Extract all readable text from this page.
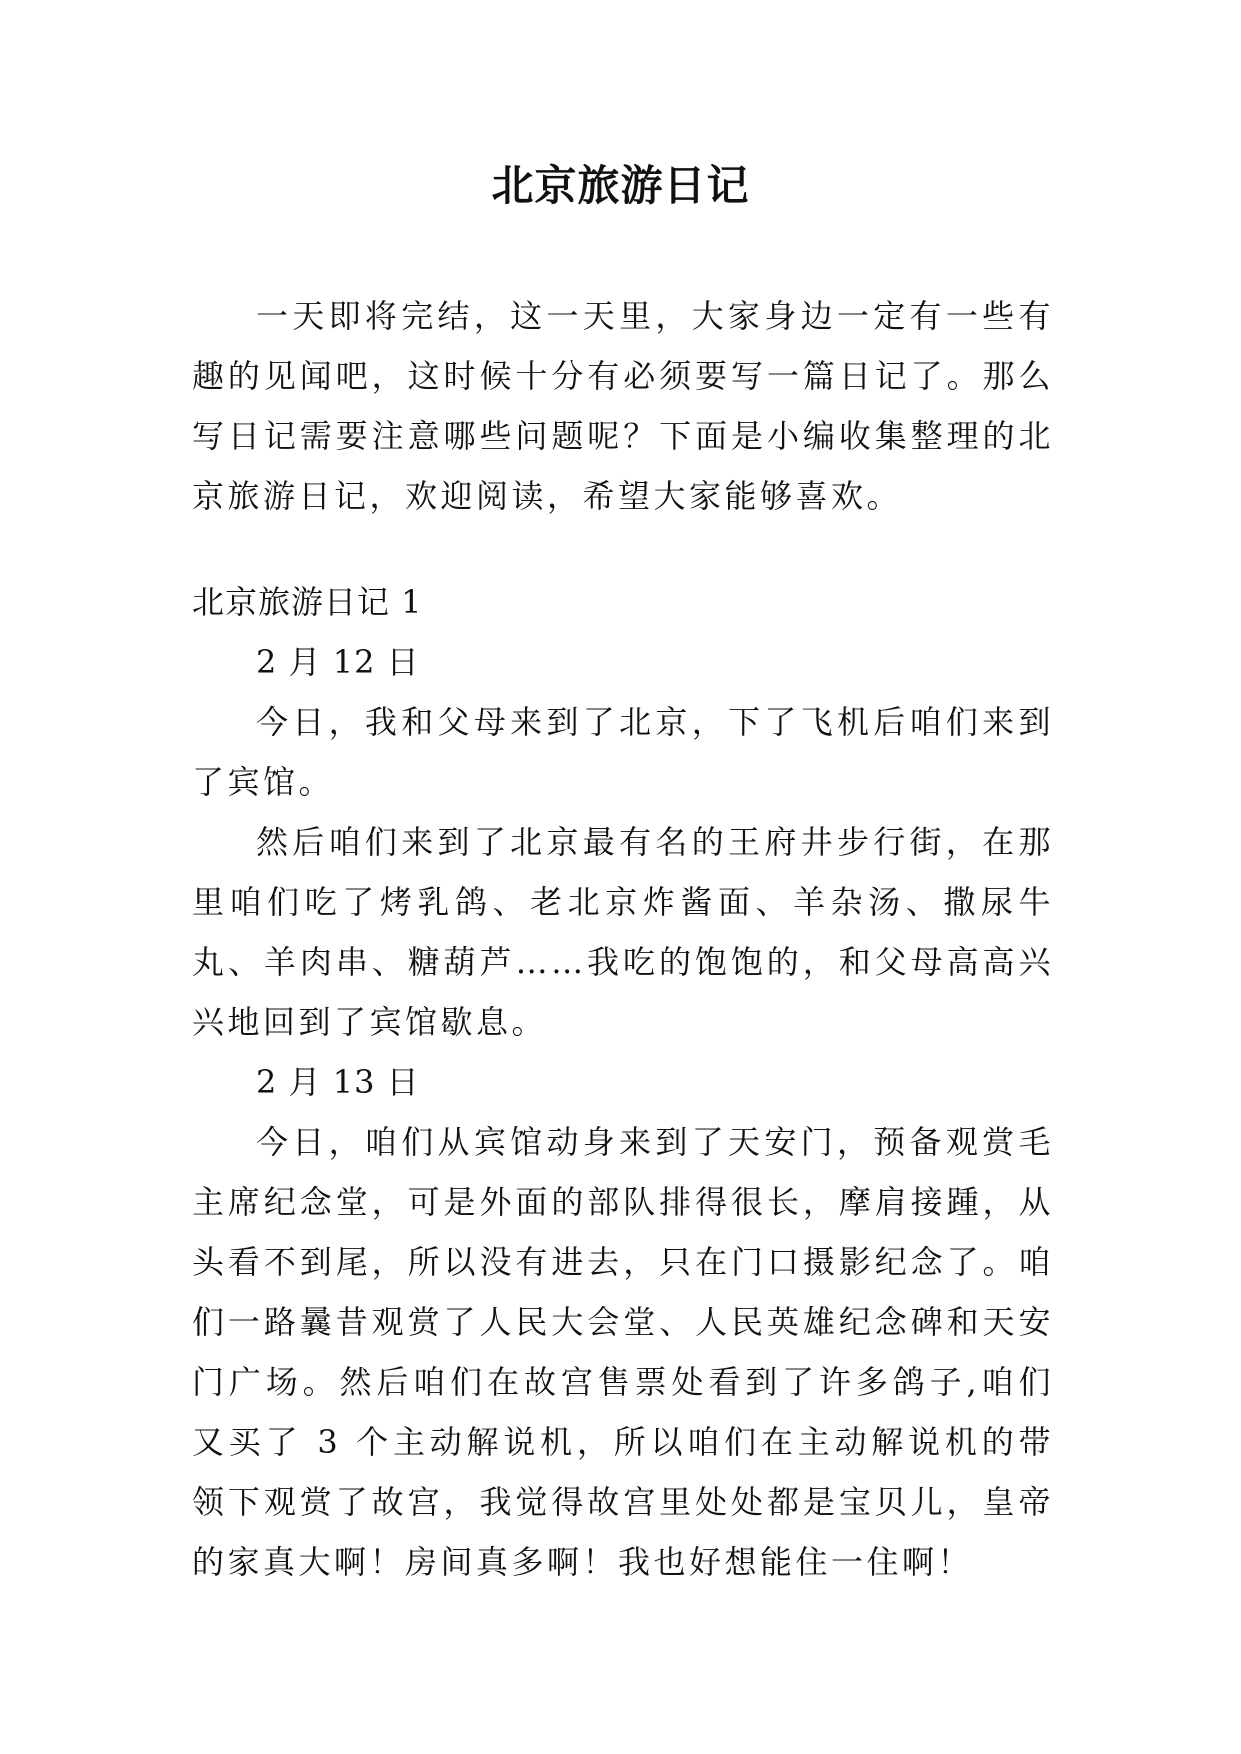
北京旅游日记

一天即将完结，这一天里，大家身边一定有一些有趣的见闻吧，这时候十分有必须要写一篇日记了。那么写日记需要注意哪些问题呢？下面是小编收集整理的北京旅游日记，欢迎阅读，希望大家能够喜欢。

北京旅游日记 1

2 月 12 日

今日，我和父母来到了北京，下了飞机后咱们来到了宾馆。

然后咱们来到了北京最有名的王府井步行街，在那里咱们吃了烤乳鸽、老北京炸酱面、羊杂汤、撒尿牛丸、羊肉串、糖葫芦……我吃的饱饱的，和父母高高兴兴地回到了宾馆歇息。

2 月 13 日

今日，咱们从宾馆动身来到了天安门，预备观赏毛主席纪念堂，可是外面的部队排得很长，摩肩接踵，从头看不到尾，所以没有进去，只在门口摄影纪念了。咱们一路曩昔观赏了人民大会堂、人民英雄纪念碑和天安门广场。然后咱们在故宫售票处看到了许多鸽子,咱们又买了 3 个主动解说机，所以咱们在主动解说机的带领下观赏了故宫，我觉得故宫里处处都是宝贝儿，皇帝的家真大啊！房间真多啊！我也好想能住一住啊！
